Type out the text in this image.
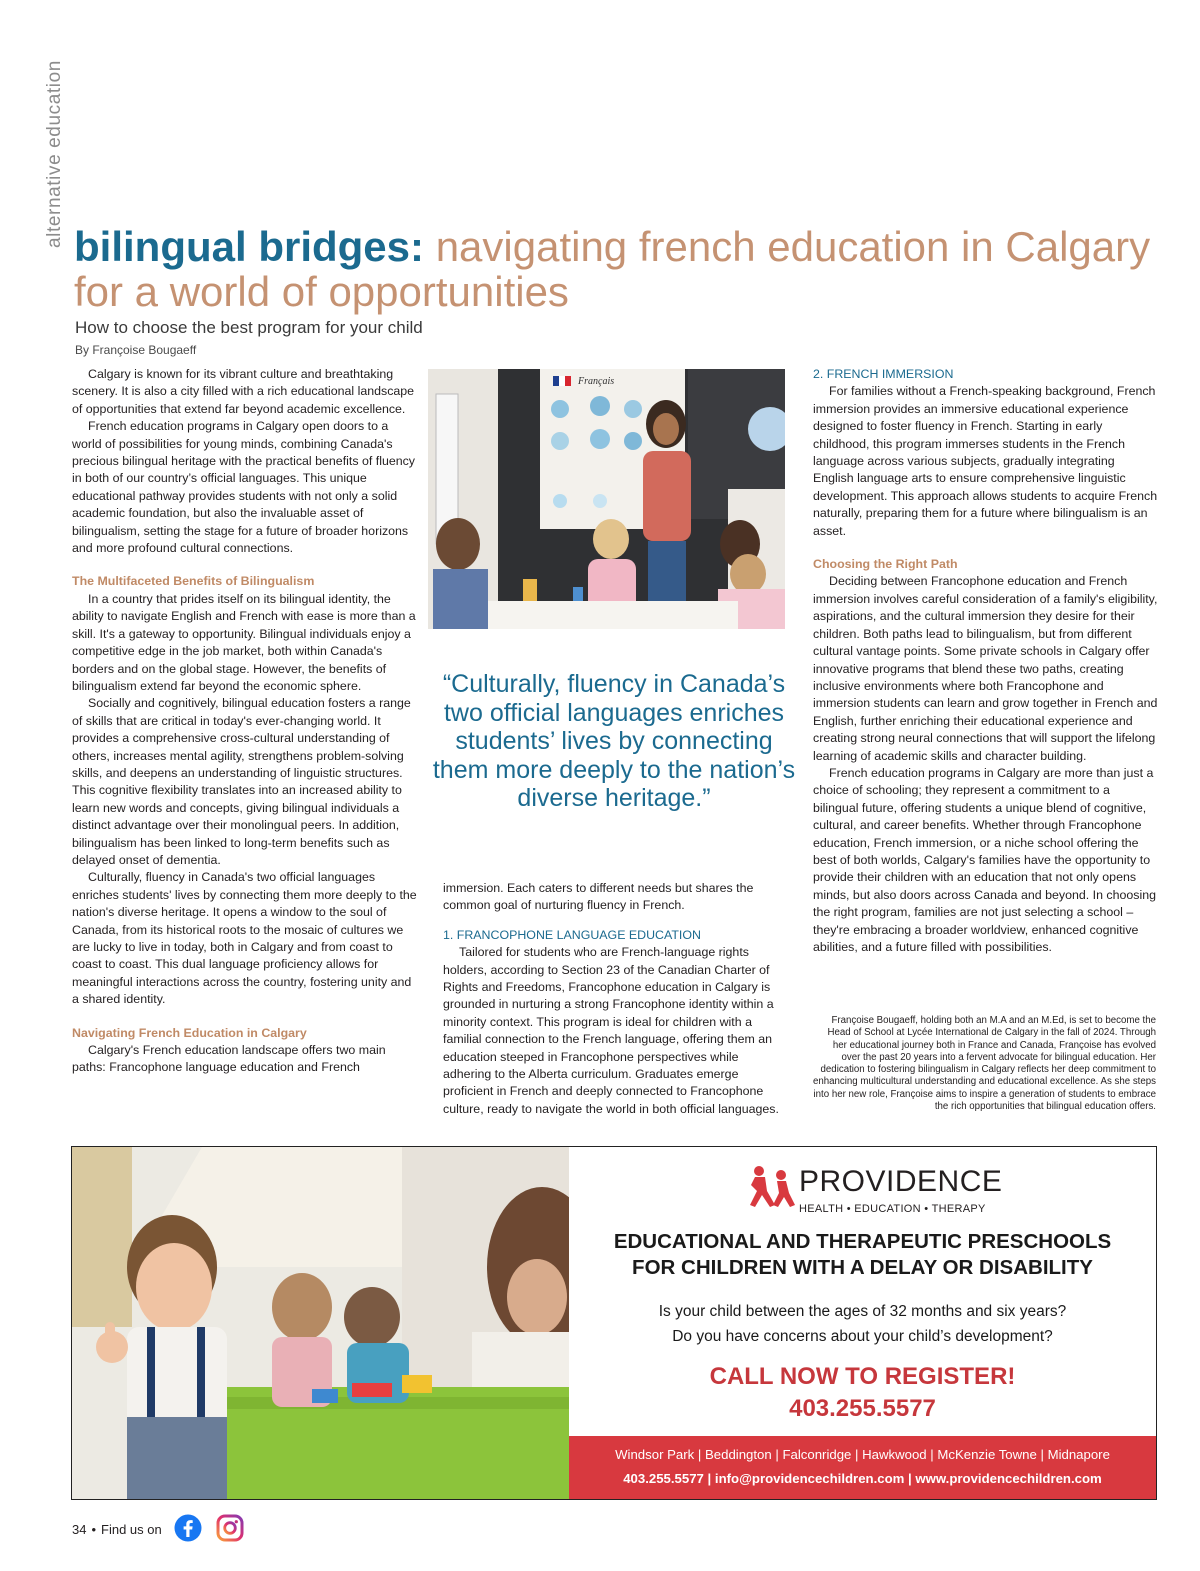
alternative education bilingual bridges: navigating french education in Calgary for a world of opportunities
How to choose the best program for your child
By Françoise Bougaeff

Calgary is known for its vibrant culture and breathtaking scenery. It is also a city filled with a rich educational landscape of opportunities that extend far beyond academic excellence.

French education programs in Calgary open doors to a world of possibilities for young minds, combining Canada's precious bilingual heritage with the practical benefits of fluency in both of our country’s official languages. This unique educational pathway provides students with not only a solid academic foundation, but also the invaluable asset of bilingualism, setting the stage for a future of broader horizons and more profound cultural connections.

The Multifaceted Benefits of Bilingualism

In a country that prides itself on its bilingual identity, the ability to navigate English and French with ease is more than a skill. It's a gateway to opportunity. Bilingual individuals enjoy a competitive edge in the job market, both within Canada's borders and on the global stage. However, the benefits of bilingualism extend far beyond the economic sphere.

Socially and cognitively, bilingual education fosters a range of skills that are critical in today's ever-changing world. It provides a comprehensive cross-cultural understanding of others, increases mental agility, strengthens problem-solving skills, and deepens an understanding of linguistic structures. This cognitive flexibility translates into an increased ability to learn new words and concepts, giving bilingual individuals a distinct advantage over their monolingual peers. In addition, bilingualism has been linked to long-term benefits such as delayed onset of dementia.

Culturally, fluency in Canada's two official languages enriches students' lives by connecting them more deeply to the nation's diverse heritage. It opens a window to the soul of Canada, from its historical roots to the mosaic of cultures we are lucky to live in today, both in Calgary and from coast to coast to coast. This dual language proficiency allows for meaningful interactions across the country, fostering unity and a shared identity.

Navigating French Education in Calgary

Calgary's French education landscape offers two main paths: Francophone language education and French

Français
“Culturally, fluency in Canada’s two official languages enriches students’ lives by connecting them more deeply to the nation’s diverse heritage.”

immersion. Each caters to different needs but shares the common goal of nurturing fluency in French.

1. FRANCOPHONE LANGUAGE EDUCATION

Tailored for students who are French-language rights holders, according to Section 23 of the Canadian Charter of Rights and Freedoms, Francophone education in Calgary is grounded in nurturing a strong Francophone identity within a minority context. This program is ideal for children with a familial connection to the French language, offering them an education steeped in Francophone perspectives while adhering to the Alberta curriculum. Graduates emerge proficient in French and deeply connected to Francophone culture, ready to navigate the world in both official languages.

2. FRENCH IMMERSION

For families without a French-speaking background, French immersion provides an immersive educational experience designed to foster fluency in French. Starting in early childhood, this program immerses students in the French language across various subjects, gradually integrating English language arts to ensure comprehensive linguistic development. This approach allows students to acquire French naturally, preparing them for a future where bilingualism is an asset.

Choosing the Right Path

Deciding between Francophone education and French immersion involves careful consideration of a family's eligibility, aspirations, and the cultural immersion they desire for their children. Both paths lead to bilingualism, but from different cultural vantage points. Some private schools in Calgary offer innovative programs that blend these two paths, creating inclusive environments where both Francophone and immersion students can learn and grow together in French and English, further enriching their educational experience and creating strong neural connections that will support the lifelong learning of academic skills and character building.

French education programs in Calgary are more than just a choice of schooling; they represent a commitment to a bilingual future, offering students a unique blend of cognitive, cultural, and career benefits. Whether through Francophone education, French immersion, or a niche school offering the best of both worlds, Calgary's families have the opportunity to provide their children with an education that not only opens minds, but also doors across Canada and beyond. In choosing the right program, families are not just selecting a school – they're embracing a broader worldview, enhanced cognitive abilities, and a future filled with possibilities.

Françoise Bougaeff, holding both an M.A and an M.Ed, is set to become the Head of School at Lycée International de Calgary in the fall of 2024. Through her educational journey both in France and Canada, Françoise has evolved over the past 20 years into a fervent advocate for bilingual education. Her dedication to fostering bilingualism in Calgary reflects her deep commitment to enhancing multicultural understanding and educational excellence. As she steps into her new role, Françoise aims to inspire a generation of students to embrace the rich opportunities that bilingual education offers.
PROVIDENCE
HEALTH • EDUCATION • THERAPY
EDUCATIONAL AND THERAPEUTIC PRESCHOOLS
FOR CHILDREN WITH A DELAY OR DISABILITY
Is your child between the ages of 32 months and six years?
Do you have concerns about your child’s development?
CALL NOW TO REGISTER!
403.255.5577
Windsor Park | Beddington | Falconridge | Hawkwood | McKenzie Towne | Midnapore
403.255.5577 | info@providencechildren.com | www.providencechildren.com
34 • Find us on
